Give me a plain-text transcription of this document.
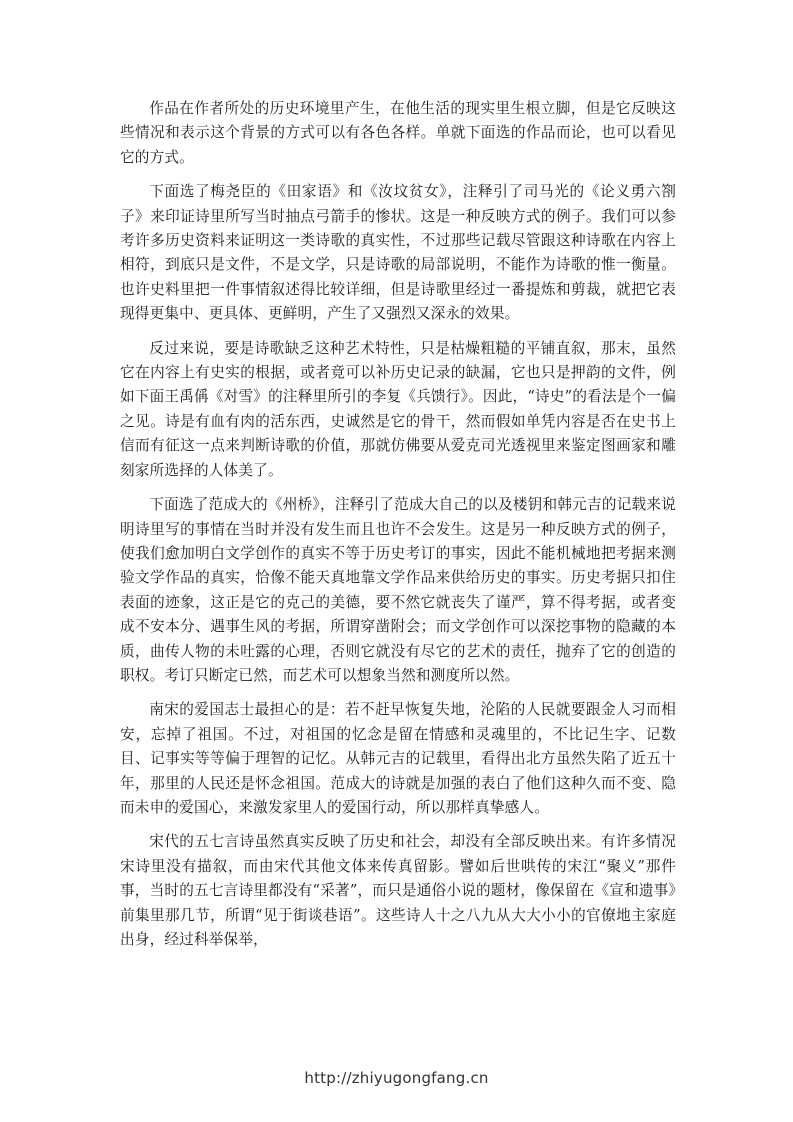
作品在作者所处的历史环境里产生，在他生活的现实里生根立脚，但是它反映这些情况和表示这个背景的方式可以有各色各样。单就下面选的作品而论，也可以看见它的方式。

下面选了梅尧臣的《田家语》和《汝坟贫女》，注释引了司马光的《论义勇六劄子》来印证诗里所写当时抽点弓箭手的惨状。这是一种反映方式的例子。我们可以参考许多历史资料来证明这一类诗歌的真实性，不过那些记载尽管跟这种诗歌在内容上相符，到底只是文件，不是文学，只是诗歌的局部说明，不能作为诗歌的惟一衡量。也许史料里把一件事情叙述得比较详细，但是诗歌里经过一番提炼和剪裁，就把它表现得更集中、更具体、更鲜明，产生了又强烈又深永的效果。

反过来说，要是诗歌缺乏这种艺术特性，只是枯燥粗糙的平铺直叙，那末，虽然它在内容上有史实的根据，或者竟可以补历史记录的缺漏，它也只是押韵的文件，例如下面王禹偁《对雪》的注释里所引的李复《兵馈行》。因此，“诗史”的看法是个一偏之见。诗是有血有肉的活东西，史诚然是它的骨干，然而假如单凭内容是否在史书上信而有征这一点来判断诗歌的价值，那就仿佛要从爱克司光透视里来鉴定图画家和雕刻家所选择的人体美了。

下面选了范成大的《州桥》，注释引了范成大自己的以及楼钥和韩元吉的记载来说明诗里写的事情在当时并没有发生而且也许不会发生。这是另一种反映方式的例子，使我们愈加明白文学创作的真实不等于历史考订的事实，因此不能机械地把考据来测验文学作品的真实，恰像不能天真地靠文学作品来供给历史的事实。历史考据只扣住表面的迹象，这正是它的克己的美德，要不然它就丧失了谨严，算不得考据，或者变成不安本分、遇事生风的考据，所谓穿凿附会；而文学创作可以深挖事物的隐藏的本质，曲传人物的未吐露的心理，否则它就没有尽它的艺术的责任，抛弃了它的创造的职权。考订只断定已然，而艺术可以想象当然和测度所以然。

南宋的爱国志士最担心的是：若不赶早恢复失地，沦陷的人民就要跟金人习而相安，忘掉了祖国。不过，对祖国的忆念是留在情感和灵魂里的，不比记生字、记数目、记事实等等偏于理智的记忆。从韩元吉的记载里，看得出北方虽然失陷了近五十年，那里的人民还是怀念祖国。范成大的诗就是加强的表白了他们这种久而不变、隐而未申的爱国心，来激发家里人的爱国行动，所以那样真挚感人。

宋代的五七言诗虽然真实反映了历史和社会，却没有全部反映出来。有许多情况宋诗里没有描叙，而由宋代其他文体来传真留影。譬如后世哄传的宋江“聚义”那件事，当时的五七言诗里都没有“采著”，而只是通俗小说的题材，像保留在《宣和遗事》前集里那几节，所谓“见于街谈巷语”。这些诗人十之八九从大大小小的官僚地主家庭出身，经过科举保举，

http://zhiyugongfang.cn
